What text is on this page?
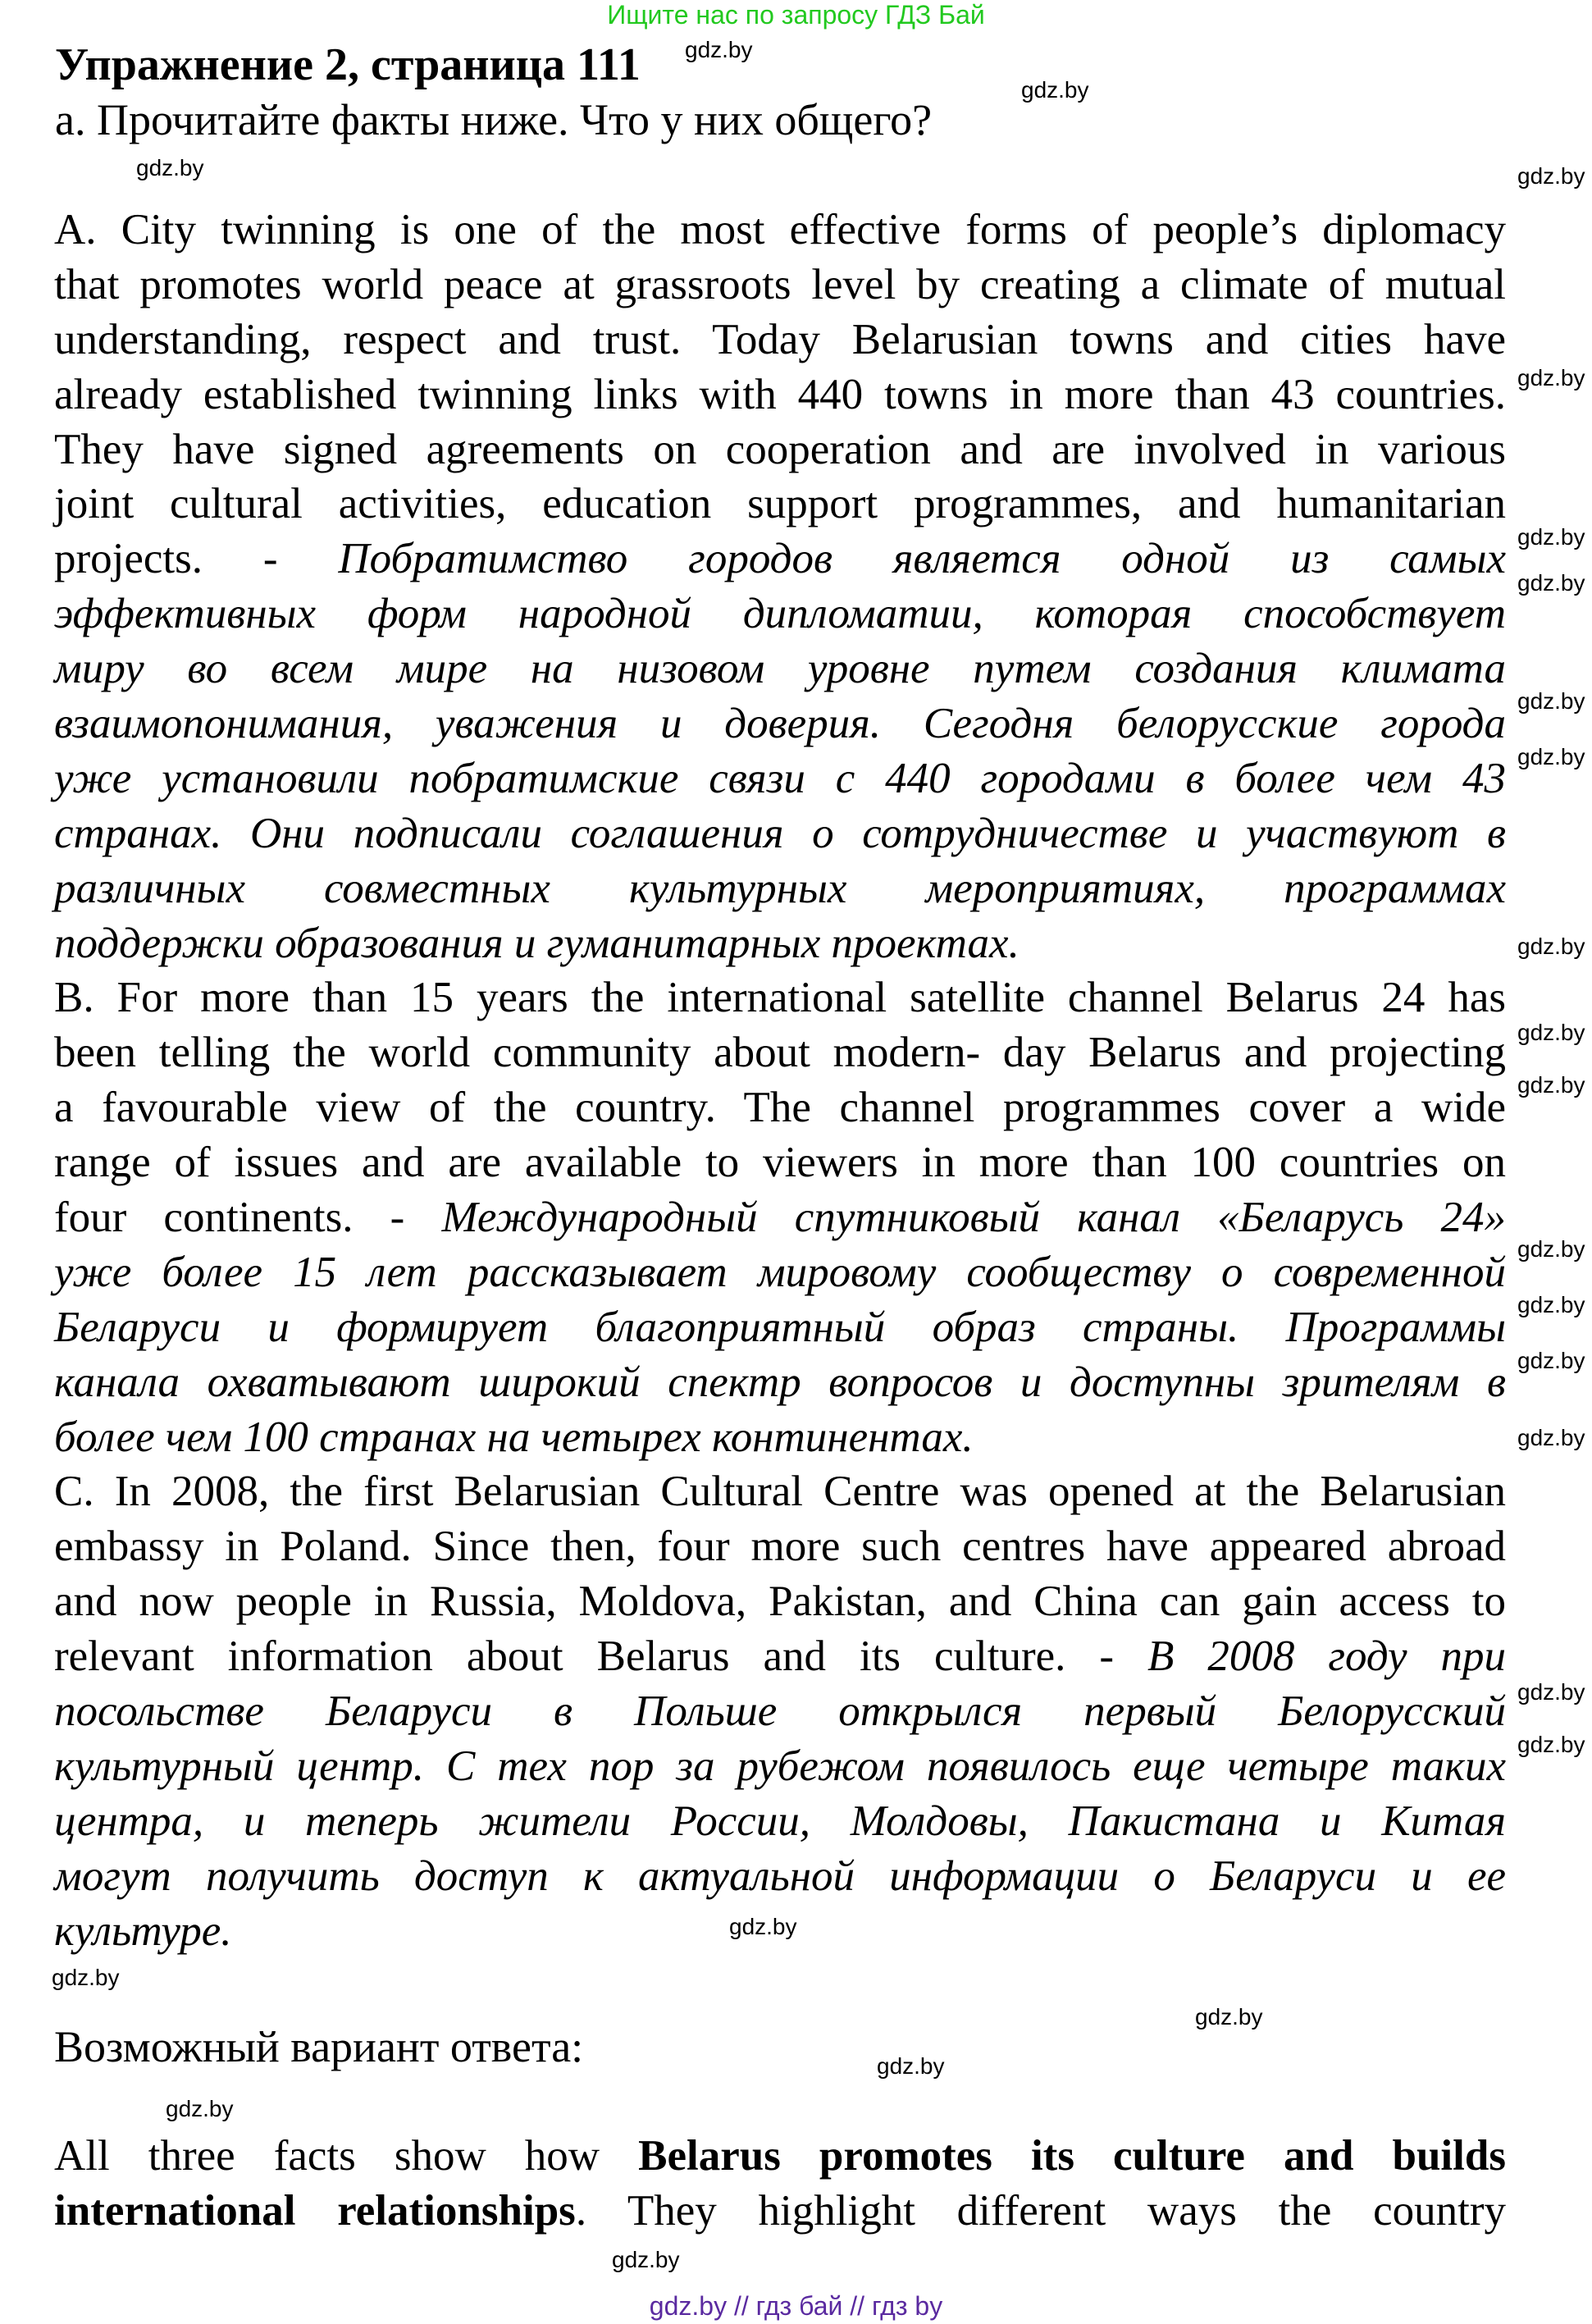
Ищите нас по запросу ГДЗ Бай
Упражнение 2, страница 111
а. Прочитайте факты ниже. Что у них общего?
A. City twinning is one of the most effective forms of people’s diplomacy
that promotes world peace at grassroots level by creating a climate of mutual
understanding, respect and trust. Today Belarusian towns and cities have
already established twinning links with 440 towns in more than 43 countries.
They have signed agreements on cooperation and are involved in various
joint cultural activities, education support programmes, and humanitarian
projects. - Побратимство городов является одной из самых
эффективных форм народной дипломатии, которая способствует
миру во всем мире на низовом уровне путем создания климата
взаимопонимания, уважения и доверия. Сегодня белорусские города
уже установили побратимские связи с 440 городами в более чем 43
странах. Они подписали соглашения о сотрудничестве и участвуют в
различных совместных культурных мероприятиях, программах
поддержки образования и гуманитарных проектах.
B. For more than 15 years the international satellite channel Belarus 24 has
been telling the world community about modern- day Belarus and projecting
a favourable view of the country. The channel programmes cover a wide
range of issues and are available to viewers in more than 100 countries on
four continents. - Международный спутниковый канал «Беларусь 24»
уже более 15 лет рассказывает мировому сообществу о современной
Беларуси и формирует благоприятный образ страны. Программы
канала охватывают широкий спектр вопросов и доступны зрителям в
более чем 100 странах на четырех континентах.
C. In 2008, the first Belarusian Cultural Centre was opened at the Belarusian
embassy in Poland. Since then, four more such centres have appeared abroad
and now people in Russia, Moldova, Pakistan, and China can gain access to
relevant information about Belarus and its culture. - В 2008 году при
посольстве Беларуси в Польше открылся первый Белорусский
культурный центр. С тех пор за рубежом появилось еще четыре таких
центра, и теперь жители России, Молдовы, Пакистана и Китая
могут получить доступ к актуальной информации о Беларуси и ее
культуре.
Возможный вариант ответа:
All three facts show how Belarus promotes its culture and builds
international relationships. They highlight different ways the country
gdz.by
gdz.by
gdz.by	gdz.by
gdz.by
gdz.by
gdz.by
gdz.by
gdz.by
gdz.by
gdz.by
gdz.by
gdz.by
gdz.by
gdz.by
gdz.by
gdz.by
gdz.by
gdz.by
gdz.by
gdz.by
gdz.by
gdz.by
gdz.by
gdz.by // гдз бай // гдз by
